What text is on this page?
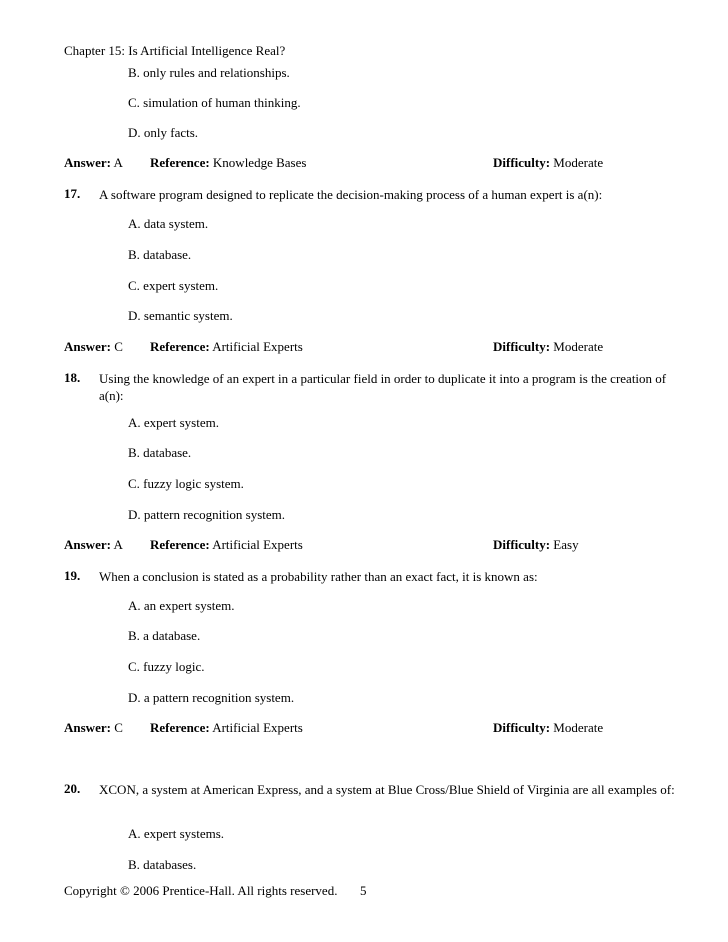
Chapter 15: Is Artificial Intelligence Real?
B. only rules and relationships.
C. simulation of human thinking.
D. only facts.
Answer: A Reference: Knowledge Bases	Difficulty: Moderate
17. A software program designed to replicate the decision-making process of a human expert is a(n):
A. data system.
B. database.
C. expert system.
D. semantic system.
Answer: C Reference: Artificial Experts	Difficulty: Moderate
18. Using the knowledge of an expert in a particular field in order to duplicate it into a program is the creation of a(n):
A. expert system.
B. database.
C. fuzzy logic system.
D. pattern recognition system.
Answer: A Reference: Artificial Experts	Difficulty: Easy
19. When a conclusion is stated as a probability rather than an exact fact, it is known as:
A. an expert system.
B. a database.
C. fuzzy logic.
D. a pattern recognition system.
Answer: C Reference: Artificial Experts	Difficulty: Moderate
20. XCON, a system at American Express, and a system at Blue Cross/Blue Shield of Virginia are all examples of:
A. expert systems.
B. databases.
Copyright © 2006 Prentice-Hall. All rights reserved. 5
